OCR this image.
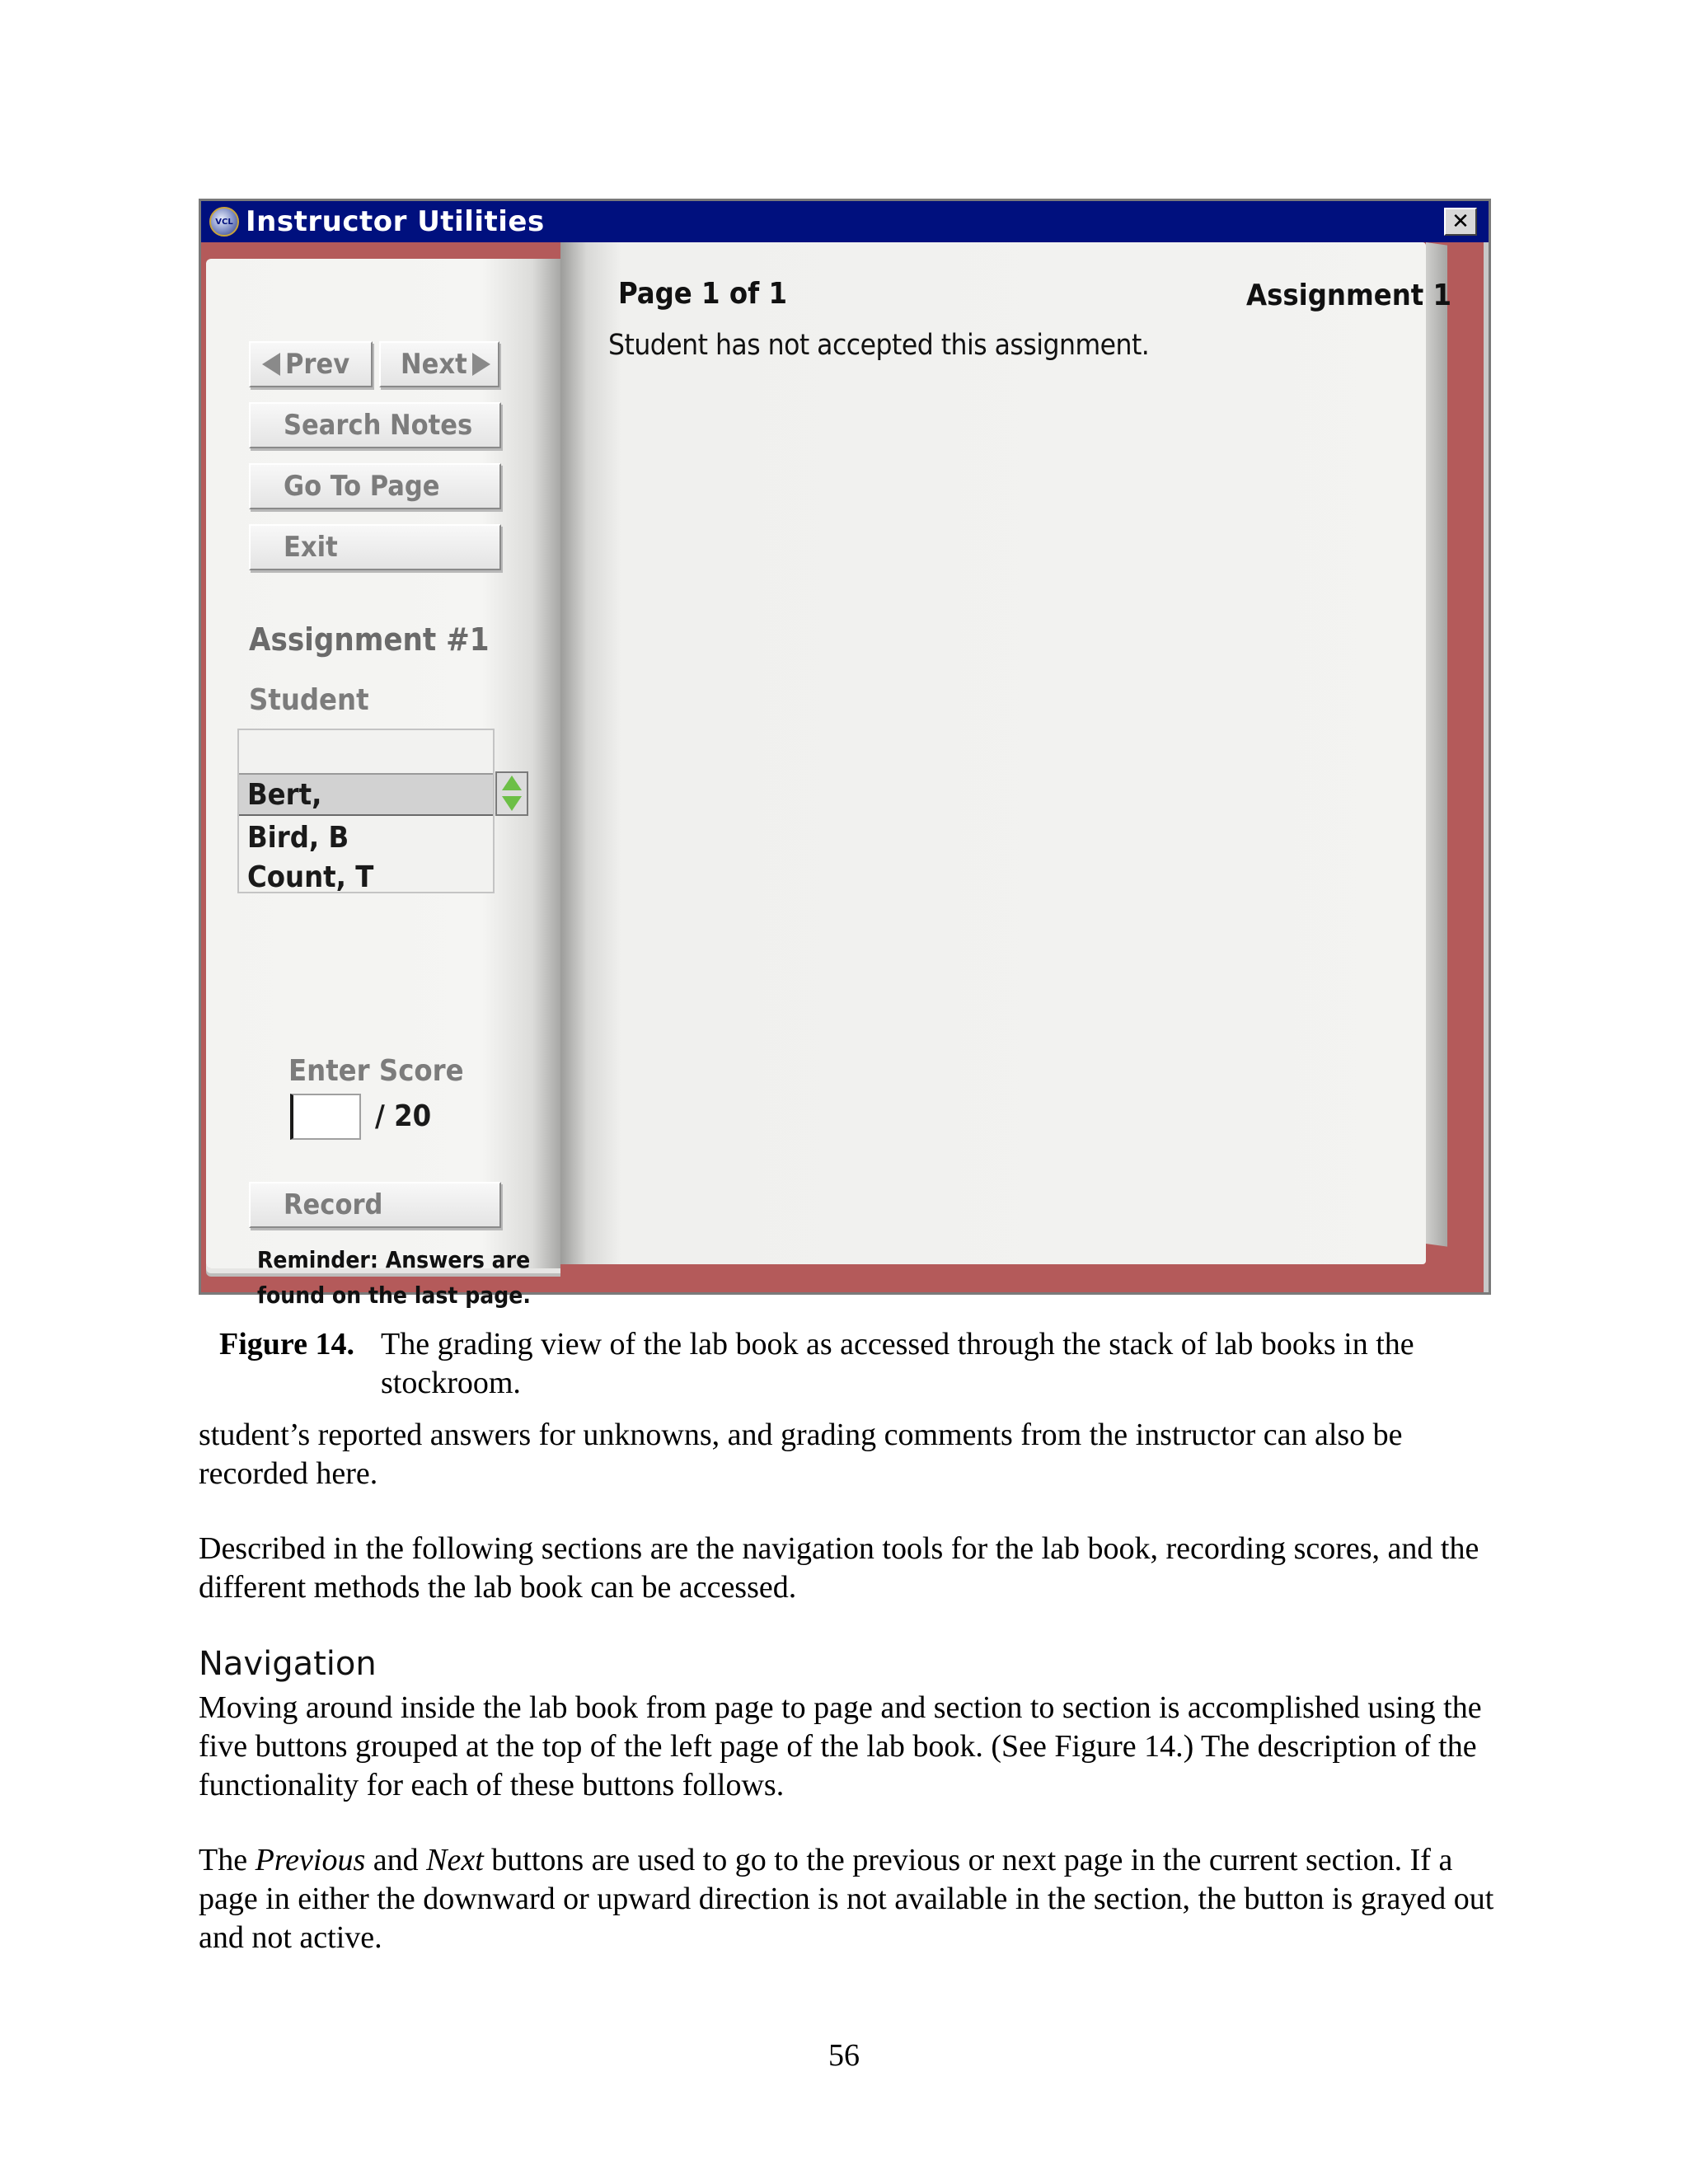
VCL Instructor Utilities	✕
Prev Next
Search Notes
Go To Page
Exit
Assignment #1
Student
Bert,
Bird, B
Count, T
Enter Score
/ 20
Record
Reminder: Answers are found on the last page.
Page 1 of 1	Assignment 1
Student has not accepted this assignment.
Figure 14. The grading view of the lab book as accessed through the stack of lab books in the stockroom.
student’s reported answers for unknowns, and grading comments from the instructor can also be recorded here.
Described in the following sections are the navigation tools for the lab book, recording scores, and the different methods the lab book can be accessed.
Navigation
Moving around inside the lab book from page to page and section to section is accomplished using the five buttons grouped at the top of the left page of the lab book. (See Figure 14.) The description of the functionality for each of these buttons follows.
The Previous and Next buttons are used to go to the previous or next page in the current section. If a page in either the downward or upward direction is not available in the section, the button is grayed out and not active.
56
